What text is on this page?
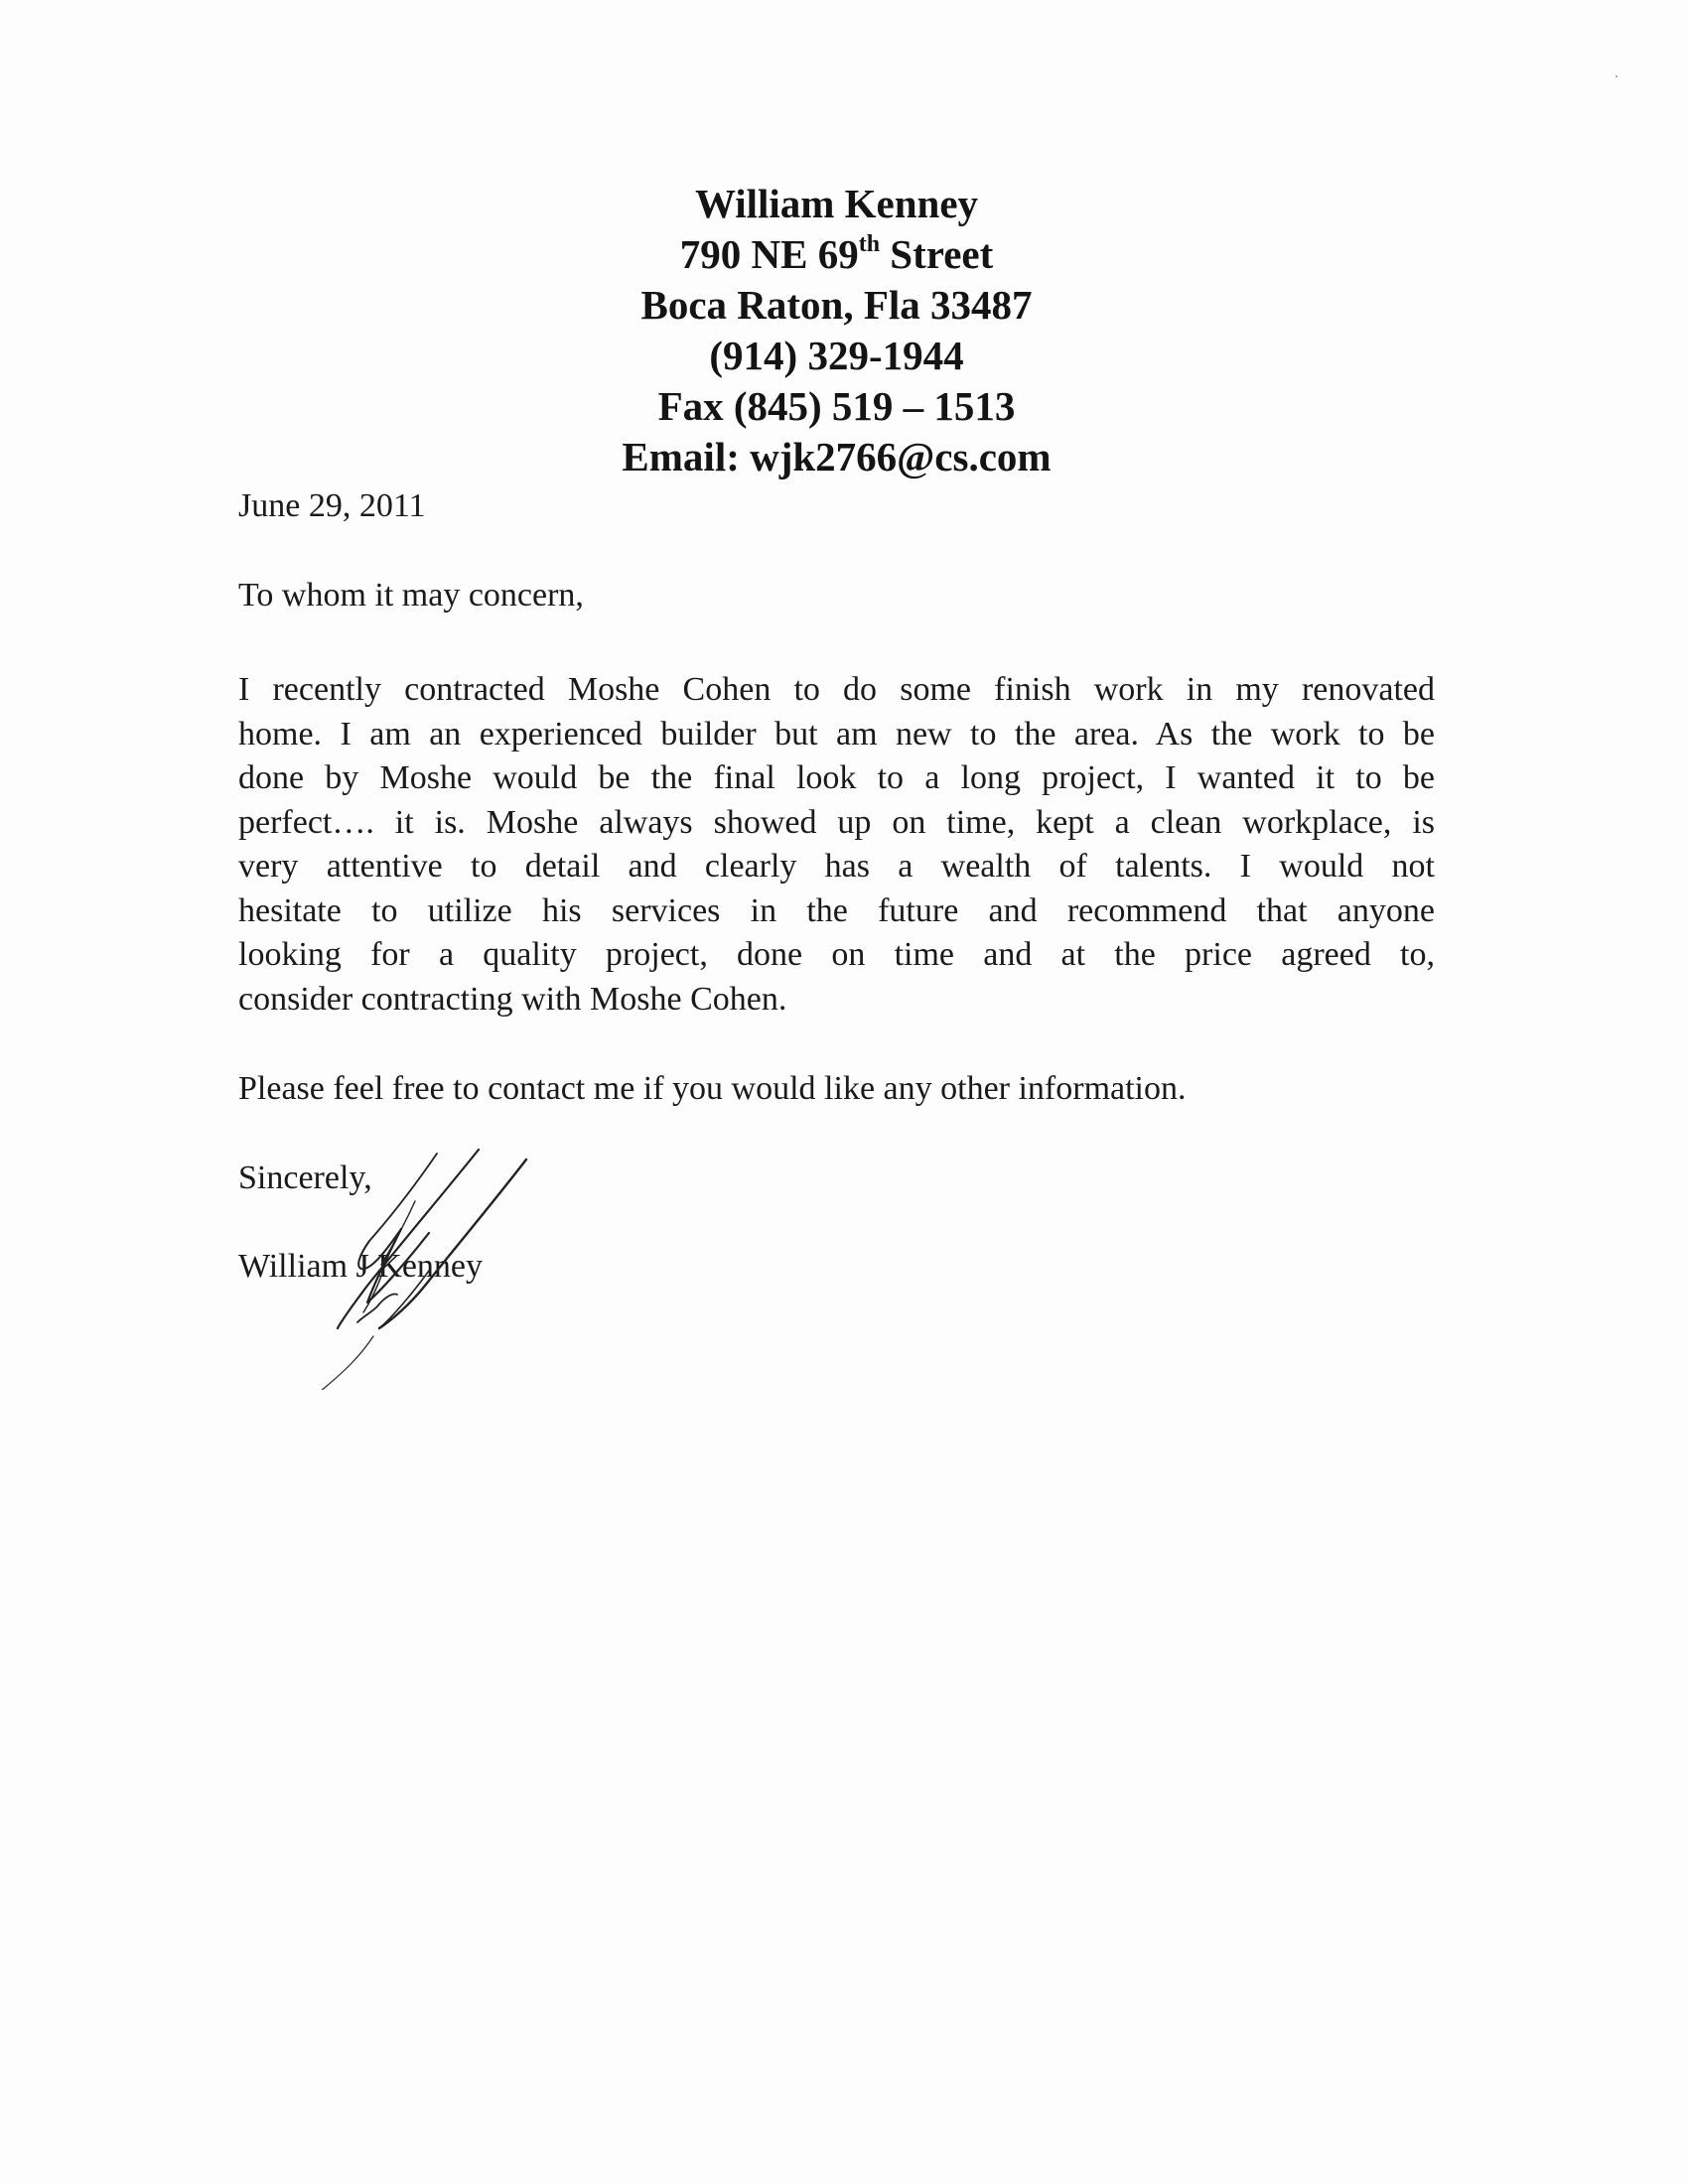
William Kenney
790 NE 69th Street
Boca Raton, Fla 33487
(914) 329-1944
Fax (845) 519 – 1513
Email: wjk2766@cs.com
June 29, 2011
To whom it may concern,
I recently contracted Moshe Cohen to do some finish work in my renovated
home. I am an experienced builder but am new to the area. As the work to be
done by Moshe would be the final look to a long project, I wanted it to be
perfect…. it is. Moshe always showed up on time, kept a clean workplace, is
very attentive to detail and clearly has a wealth of talents. I would not
hesitate to utilize his services in the future and recommend that anyone
looking for a quality project, done on time and at the price agreed to,
consider contracting with Moshe Cohen.
Please feel free to contact me if you would like any other information.
Sincerely,
William J Kenney
